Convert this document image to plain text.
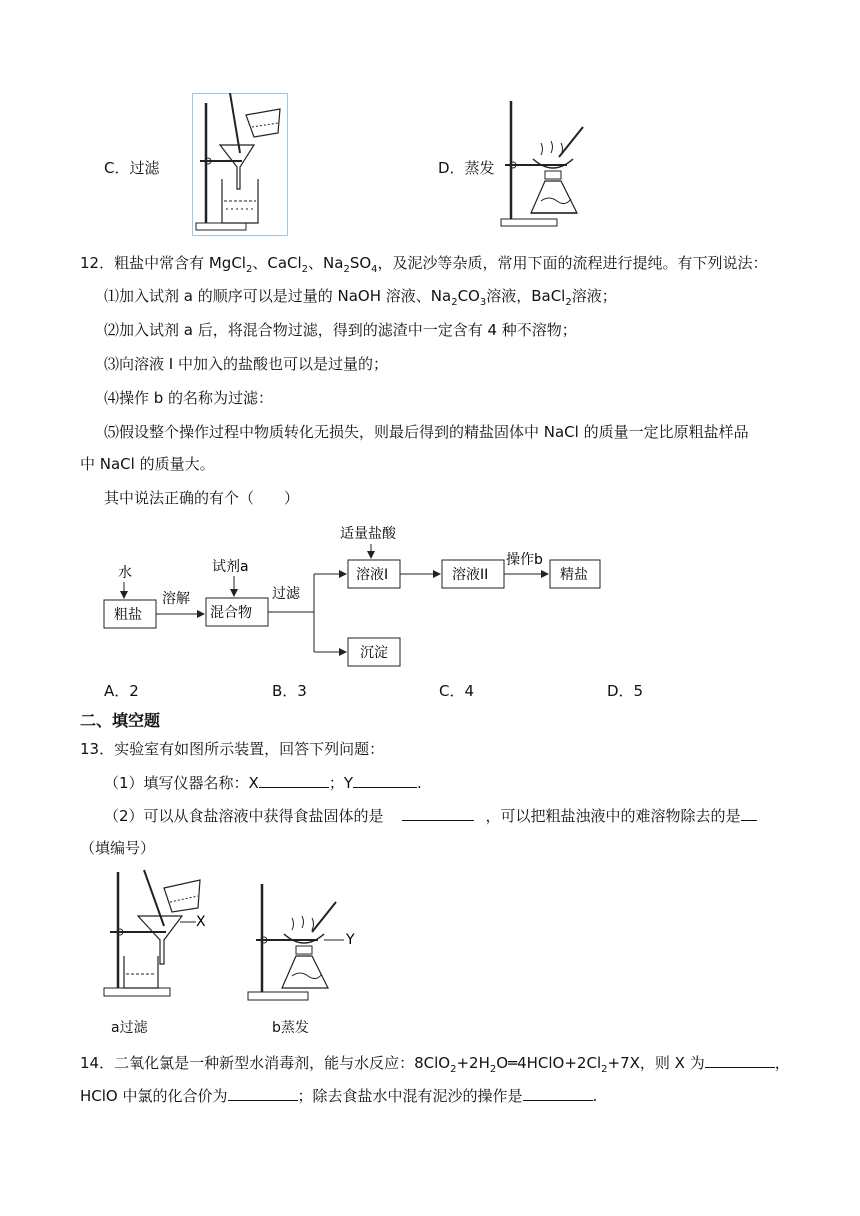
C．过滤	D．蒸发
12．粗盐中常含有 MgCl$_2$、CaCl$_2$、$Na_2SO_4$，及泥沙等杂质，常用下面的流程进行提纯。有下列说法：
⑴加入试剂 a 的顺序可以是过量的 NaOH 溶液、$Na_2CO_3$溶液，BaCl$_2$溶液；
⑵加入试剂 a 后，将混合物过滤，得到的滤渣中一定含有 4 种不溶物；
⑶向溶液 I 中加入的盐酸也可以是过量的；
⑷操作 b 的名称为过滤：
⑸假设整个操作过程中物质转化无损失，则最后得到的精盐固体中 NaCl 的质量一定比原粗盐样品
中 NaCl 的质量大。
其中说法正确的有个（　　）
水
粗盐
溶解
试剂a
混合物
过滤
适量盐酸
溶液I
沉淀
溶液II
操作b
精盐
A．2	B．3	C．4	D．5
二、填空题
13．实验室有如图所示装置，回答下列问题：
（1）填写仪器名称：X	；Y	.
（2）可以从食盐溶液中获得食盐固体的是	，可以把粗盐浊液中的难溶物除去的是
（填编号）
X
a过滤
Y
b蒸发
14．二氧化氯是一种新型水消毒剂，能与水反应：$8ClO_2+2H_2O═4HClO+2Cl_2+7X$，则 X 为	，
HClO 中氯的化合价为	；除去食盐水中混有泥沙的操作是	.
